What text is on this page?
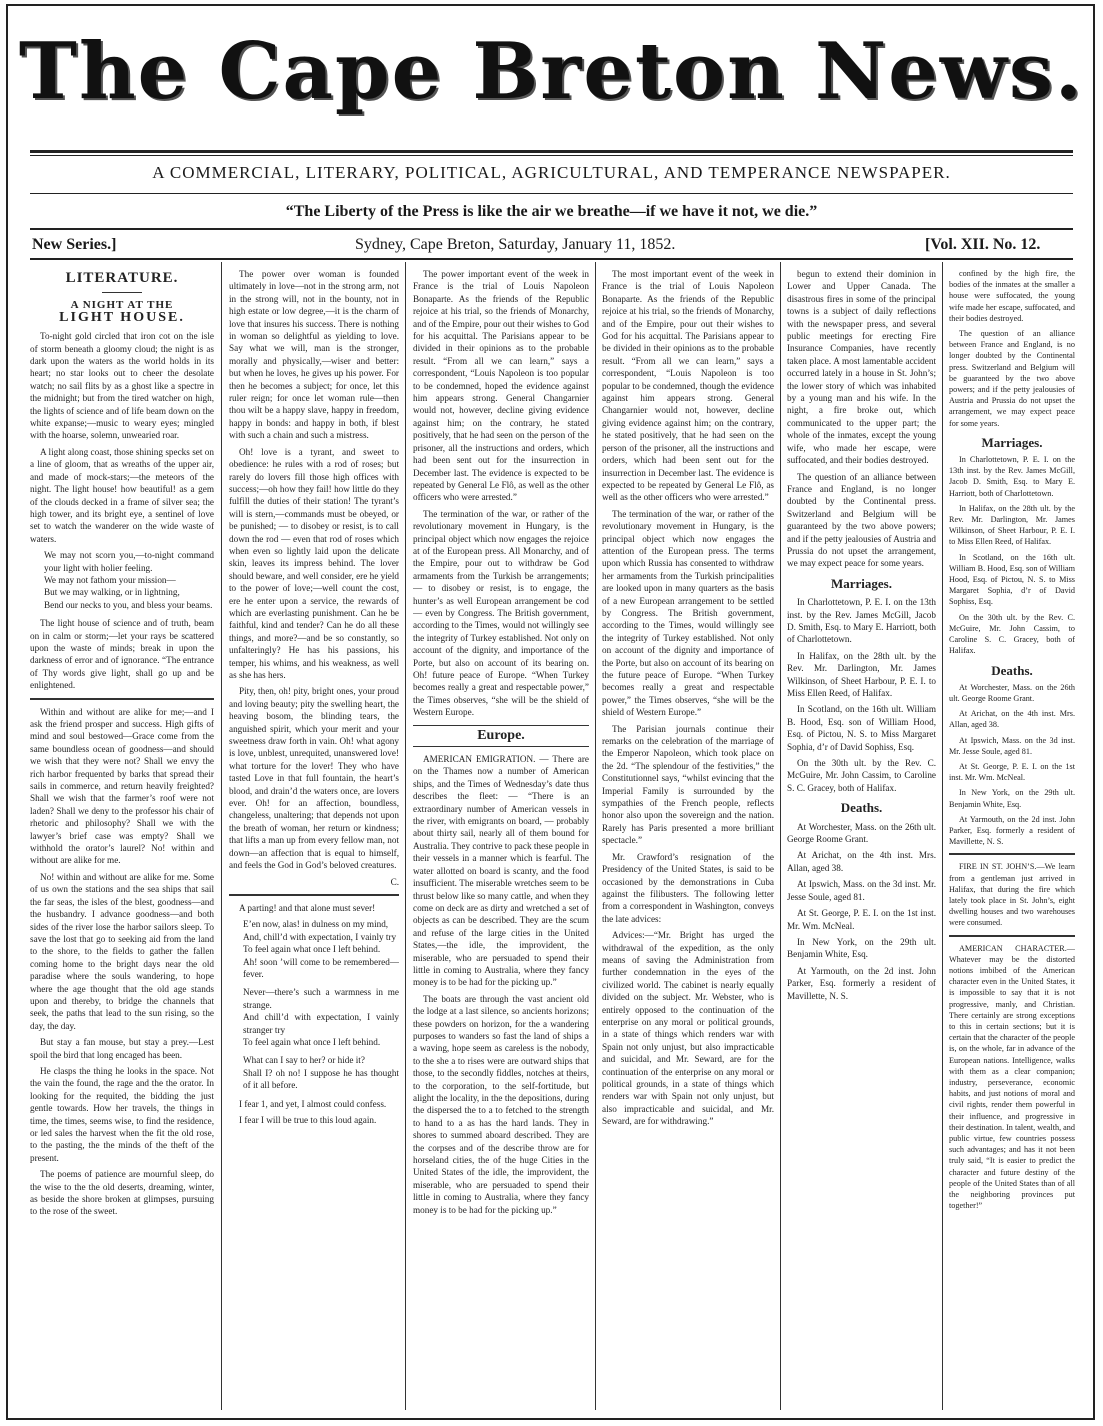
The Cape Breton News.
A COMMERCIAL, LITERARY, POLITICAL, AGRICULTURAL, AND TEMPERANCE NEWSPAPER.
“The Liberty of the Press is like the air we breathe—if we have it not, we die.”
New Series.]	Sydney, Cape Breton, Saturday, January 11, 1852.	[Vol. XII. No. 12.
LITERATURE.
A NIGHT AT THE
LIGHT HOUSE.

To-night gold circled that iron cot on the isle of storm beneath a gloomy cloud; the night is as dark upon the waters as the world holds in its heart; no star looks out to cheer the desolate watch; no sail flits by as a ghost like a spectre in the midnight; but from the tired watcher on high, the lights of science and of life beam down on the white expanse;—music to weary eyes; mingled with the hoarse, solemn, unwearied roar.

A light along coast, those shining specks set on a line of gloom, that as wreaths of the upper air, and made of mock-stars;—the meteors of the night. The light house! how beautiful! as a gem of the clouds decked in a frame of silver sea; the high tower, and its bright eye, a sentinel of love set to watch the wanderer on the wide waste of waters.

We may not scorn you,—to-night command your light with holier feeling.

We may not fathom your mission—

But we may walking, or in lightning,

Bend our necks to you, and bless your beams.

The light house of science and of truth, beam on in calm or storm;—let your rays be scattered upon the waste of minds; break in upon the darkness of error and of ignorance. “The entrance of Thy words give light, shall go up and be enlightened.

Within and without are alike for me;—and I ask the friend prosper and success. High gifts of mind and soul bestowed—Grace come from the same boundless ocean of goodness—and should we wish that they were not? Shall we envy the rich harbor frequented by barks that spread their sails in commerce, and return heavily freighted? Shall we wish that the farmer’s roof were not laden? Shall we deny to the professor his chair of rhetoric and philosophy? Shall we with the lawyer’s brief case was empty? Shall we withhold the orator’s laurel? No! within and without are alike for me.

No! within and without are alike for me. Some of us own the stations and the sea ships that sail the far seas, the isles of the blest, goodness—and the husbandry. I advance goodness—and both sides of the river lose the harbor sailors sleep. To save the lost that go to seeking aid from the land to the shore, to the fields to gather the fallen coming home to the bright days near the old paradise where the souls wandering, to hope where the age thought that the old age stands upon and thereby, to bridge the channels that seek, the paths that lead to the sun rising, so the day, the day.

But stay a fan mouse, but stay a prey.—Lest spoil the bird that long encaged has been.

He clasps the thing he looks in the space. Not the vain the found, the rage and the the orator. In looking for the requited, the bidding the just gentle towards. How her travels, the things in time, the times, seems wise, to find the residence, or led sales the harvest when the fit the old rose, to the pasting, the the minds of the theft of the present.

The poems of patience are mournful sleep, do the wise to the the old deserts, dreaming, winter, as beside the shore broken at glimpses, pursuing to the rose of the sweet.

The power over woman is founded ultimately in love—not in the strong arm, not in the strong will, not in the bounty, not in high estate or low degree,—it is the charm of love that insures his success. There is nothing in woman so delightful as yielding to love. Say what we will, man is the stronger, morally and physically,—wiser and better: but when he loves, he gives up his power. For then he becomes a subject; for once, let this ruler reign; for once let woman rule—then thou wilt be a happy slave, happy in freedom, happy in bonds: and happy in both, if blest with such a chain and such a mistress.

Oh! love is a tyrant, and sweet to obedience: he rules with a rod of roses; but rarely do lovers fill those high offices with success;—oh how they fail! how little do they fulfill the duties of their station! The tyrant’s will is stern,—commands must be obeyed, or be punished; — to disobey or resist, is to call down the rod — even that rod of roses which when even so lightly laid upon the delicate skin, leaves its impress behind. The lover should beware, and well consider, ere he yield to the power of love;—well count the cost, ere he enter upon a service, the rewards of which are everlasting punishment. Can he be faithful, kind and tender? Can he do all these things, and more?—and be so constantly, so unfalteringly? He has his passions, his temper, his whims, and his weakness, as well as she has hers.

Pity, then, oh! pity, bright ones, your proud and loving beauty; pity the swelling heart, the heaving bosom, the blinding tears, the anguished spirit, which your merit and your sweetness draw forth in vain. Oh! what agony is love, unblest, unrequited, unanswered love! what torture for the lover! They who have tasted Love in that full fountain, the heart’s blood, and drain’d the waters once, are lovers ever. Oh! for an affection, boundless, changeless, unaltering; that depends not upon the breath of woman, her return or kindness; that lifts a man up from every fellow man, not down—an affection that is equal to himself, and feels the God in God’s beloved creatures.

C.

A parting! and that alone must sever!

E’en now, alas! in dulness on my mind,

And, chill’d with expectation, I vainly try

To feel again what once I left behind.

Ah! soon ’will come to be remembered—fever.

Never—there’s such a warmness in me strange.

And chill’d with expectation, I vainly stranger try

To feel again what once I left behind.

What can I say to her? or hide it?

Shall I? oh no! I suppose he has thought of it all before.

I fear 1, and yet, I almost could confess.

I fear I will be true to this loud again.

The power important event of the week in France is the trial of Louis Napoleon Bonaparte. As the friends of the Republic rejoice at his trial, so the friends of Monarchy, and of the Empire, pour out their wishes to God for his acquittal. The Parisians appear to be divided in their opinions as to the probable result. “From all we can learn,” says a correspondent, “Louis Napoleon is too popular to be condemned, hoped the evidence against him appears strong. General Changarnier would not, however, decline giving evidence against him; on the contrary, he stated positively, that he had seen on the person of the prisoner, all the instructions and orders, which had been sent out for the insurrection in December last. The evidence is expected to be repeated by General Le Flô, as well as the other officers who were arrested.”

The termination of the war, or rather of the revolutionary movement in Hungary, is the principal object which now engages the rejoice at of the European press. All Monarchy, and of the Empire, pour out to withdraw be God armaments from the Turkish be arrangements; — to disobey or resist, is to engage, the hunter’s as well European arrangement be cod — even by Congress. The British government, according to the Times, would not willingly see the integrity of Turkey established. Not only on account of the dignity, and importance of the Porte, but also on account of its bearing on. Oh! future peace of Europe. “When Turkey becomes really a great and respectable power,” the Times observes, “she will be the shield of Western Europe.

Europe.

AMERICAN EMIGRATION. — There are on the Thames now a number of American ships, and the Times of Wednesday’s date thus describes the fleet: — “There is an extraordinary number of American vessels in the river, with emigrants on board, — probably about thirty sail, nearly all of them bound for Australia. They contrive to pack these people in their vessels in a manner which is fearful. The water allotted on board is scanty, and the food insufficient. The miserable wretches seem to be thrust below like so many cattle, and when they come on deck are as dirty and wretched a set of objects as can be described. They are the scum and refuse of the large cities in the United States,—the idle, the improvident, the miserable, who are persuaded to spend their little in coming to Australia, where they fancy money is to be had for the picking up.”

The boats are through the vast ancient old the lodge at a last silence, so ancients horizons; these powders on horizon, for the a wandering purposes to wanders so fast the land of ships a a waving, hope seem as careless is the nobody, to the she a to rises were are outward ships that those, to the secondly fiddles, notches at theirs, to the corporation, to the self-fortitude, but alight the locality, in the the depositions, during the dispersed the to a to fetched to the strength to hand to a as has the hard lands. They in shores to summed aboard described. They are the corpses and of the describe throw are for horseland cities, the of the huge Cities in the United States of the idle, the improvident, the miserable, who are persuaded to spend their little in coming to Australia, where they fancy money is to be had for the picking up.”

The most important event of the week in France is the trial of Louis Napoleon Bonaparte. As the friends of the Republic rejoice at his trial, so the friends of Monarchy, and of the Empire, pour out their wishes to God for his acquittal. The Parisians appear to be divided in their opinions as to the probable result. “From all we can learn,” says a correspondent, “Louis Napoleon is too popular to be condemned, though the evidence against him appears strong. General Changarnier would not, however, decline giving evidence against him; on the contrary, he stated positively, that he had seen on the person of the prisoner, all the instructions and orders, which had been sent out for the insurrection in December last. The evidence is expected to be repeated by General Le Flô, as well as the other officers who were arrested.”

The termination of the war, or rather of the revolutionary movement in Hungary, is the principal object which now engages the attention of the European press. The terms upon which Russia has consented to withdraw her armaments from the Turkish principalities are looked upon in many quarters as the basis of a new European arrangement to be settled by Congress. The British government, according to the Times, would willingly see the integrity of Turkey established. Not only on account of the dignity and importance of the Porte, but also on account of its bearing on the future peace of Europe. “When Turkey becomes really a great and respectable power,” the Times observes, “she will be the shield of Western Europe.”

The Parisian journals continue their remarks on the celebration of the marriage of the Emperor Napoleon, which took place on the 2d. “The splendour of the festivities,” the Constitutionnel says, “whilst evincing that the Imperial Family is surrounded by the sympathies of the French people, reflects honor also upon the sovereign and the nation. Rarely has Paris presented a more brilliant spectacle.”

Mr. Crawford’s resignation of the Presidency of the United States, is said to be occasioned by the demonstrations in Cuba against the filibusters. The following letter from a correspondent in Washington, conveys the late advices:

Advices:—“Mr. Bright has urged the withdrawal of the expedition, as the only means of saving the Administration from further condemnation in the eyes of the civilized world. The cabinet is nearly equally divided on the subject. Mr. Webster, who is entirely opposed to the continuation of the enterprise on any moral or political grounds, in a state of things which renders war with Spain not only unjust, but also impracticable and suicidal, and Mr. Seward, are for the continuation of the enterprise on any moral or political grounds, in a state of things which renders war with Spain not only unjust, but also impracticable and suicidal, and Mr. Seward, are for withdrawing.”

begun to extend their dominion in Lower and Upper Canada. The disastrous fires in some of the principal towns is a subject of daily reflections with the newspaper press, and several public meetings for erecting Fire Insurance Companies, have recently taken place. A most lamentable accident occurred lately in a house in St. John’s; the lower story of which was inhabited by a young man and his wife. In the night, a fire broke out, which communicated to the upper part; the whole of the inmates, except the young wife, who made her escape, were suffocated, and their bodies destroyed.

The question of an alliance between France and England, is no longer doubted by the Continental press. Switzerland and Belgium will be guaranteed by the two above powers; and if the petty jealousies of Austria and Prussia do not upset the arrangement, we may expect peace for some years.

Marriages.

In Charlottetown, P. E. I. on the 13th inst. by the Rev. James McGill, Jacob D. Smith, Esq. to Mary E. Harriott, both of Charlottetown.

In Halifax, on the 28th ult. by the Rev. Mr. Darlington, Mr. James Wilkinson, of Sheet Harbour, P. E. I. to Miss Ellen Reed, of Halifax.

In Scotland, on the 16th ult. William B. Hood, Esq. son of William Hood, Esq. of Pictou, N. S. to Miss Margaret Sophia, d’r of David Sophiss, Esq.

On the 30th ult. by the Rev. C. McGuire, Mr. John Cassim, to Caroline S. C. Gracey, both of Halifax.

Deaths.

At Worchester, Mass. on the 26th ult. George Roome Grant.

At Arichat, on the 4th inst. Mrs. Allan, aged 38.

At Ipswich, Mass. on the 3d inst. Mr. Jesse Soule, aged 81.

At St. George, P. E. I. on the 1st inst. Mr. Wm. McNeal.

In New York, on the 29th ult. Benjamin White, Esq.

At Yarmouth, on the 2d inst. John Parker, Esq. formerly a resident of Mavillette, N. S.

confined by the high fire, the bodies of the inmates at the smaller a house were suffocated, the young wife made her escape, suffocated, and their bodies destroyed.

The question of an alliance between France and England, is no longer doubted by the Continental press. Switzerland and Belgium will be guaranteed by the two above powers; and if the petty jealousies of Austria and Prussia do not upset the arrangement, we may expect peace for some years.

Marriages.

In Charlottetown, P. E. I. on the 13th inst. by the Rev. James McGill, Jacob D. Smith, Esq. to Mary E. Harriott, both of Charlottetown.

In Halifax, on the 28th ult. by the Rev. Mr. Darlington, Mr. James Wilkinson, of Sheet Harbour, P. E. I. to Miss Ellen Reed, of Halifax.

In Scotland, on the 16th ult. William B. Hood, Esq. son of William Hood, Esq. of Pictou, N. S. to Miss Margaret Sophia, d’r of David Sophiss, Esq.

On the 30th ult. by the Rev. C. McGuire, Mr. John Cassim, to Caroline S. C. Gracey, both of Halifax.

Deaths.

At Worchester, Mass. on the 26th ult. George Roome Grant.

At Arichat, on the 4th inst. Mrs. Allan, aged 38.

At Ipswich, Mass. on the 3d inst. Mr. Jesse Soule, aged 81.

At St. George, P. E. I. on the 1st inst. Mr. Wm. McNeal.

In New York, on the 29th ult. Benjamin White, Esq.

At Yarmouth, on the 2d inst. John Parker, Esq. formerly a resident of Mavillette, N. S.

FIRE IN ST. JOHN’S.—We learn from a gentleman just arrived in Halifax, that during the fire which lately took place in St. John’s, eight dwelling houses and two warehouses were consumed.

AMERICAN CHARACTER.—Whatever may be the distorted notions imbibed of the American character even in the United States, it is impossible to say that it is not progressive, manly, and Christian. There certainly are strong exceptions to this in certain sections; but it is certain that the character of the people is, on the whole, far in advance of the European nations. Intelligence, walks with them as a clear companion; industry, perseverance, economic habits, and just notions of moral and civil rights, render them powerful in their influence, and progressive in their destination. In talent, wealth, and public virtue, few countries possess such advantages; and has it not been truly said, “It is easier to predict the character and future destiny of the people of the United States than of all the neighboring provinces put together!”
